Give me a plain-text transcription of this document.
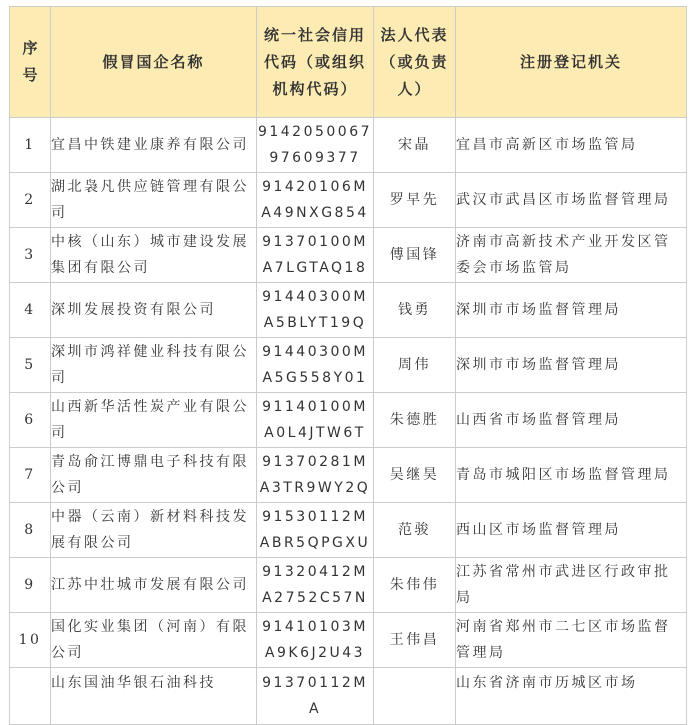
序号	假冒国企名称	统一社会信用代码（或组织机构代码）	法人代表（或负责人）	注册登记机关
1	宜昌中铁建业康养有限公司	914205006797609377	宋晶	宜昌市高新区市场监管局
2	湖北袅凡供应链管理有限公司	91420106MA49NXG854	罗早先	武汉市武昌区市场监督管理局
3	中核（山东）城市建设发展集团有限公司	91370100MA7LGTAQ18	傅国锋	济南市高新技术产业开发区管委会市场监管局
4	深圳发展投资有限公司	91440300MA5BLYT19Q	钱勇	深圳市市场监督管理局
5	深圳市鸿祥健业科技有限公司	91440300MA5G558Y01	周伟	深圳市市场监督管理局
6	山西新华活性炭产业有限公司	91140100MA0L4JTW6T	朱德胜	山西省市场监督管理局
7	青岛俞江博鼎电子科技有限公司	91370281MA3TR9WY2Q	吴继昊	青岛市城阳区市场监督管理局
8	中器（云南）新材料科技发展有限公司	91530112MABR5QPGXU	范骏	西山区市场监督管理局
9	江苏中壮城市发展有限公司	91320412MA2752C57N	朱伟伟	江苏省常州市武进区行政审批局
10	国化实业集团（河南）有限公司	91410103MA9K6J2U43	王伟昌	河南省郑州市二七区市场监督管理局
	山东国油华银石油科技	91370112MA		山东省济南市历城区市场
